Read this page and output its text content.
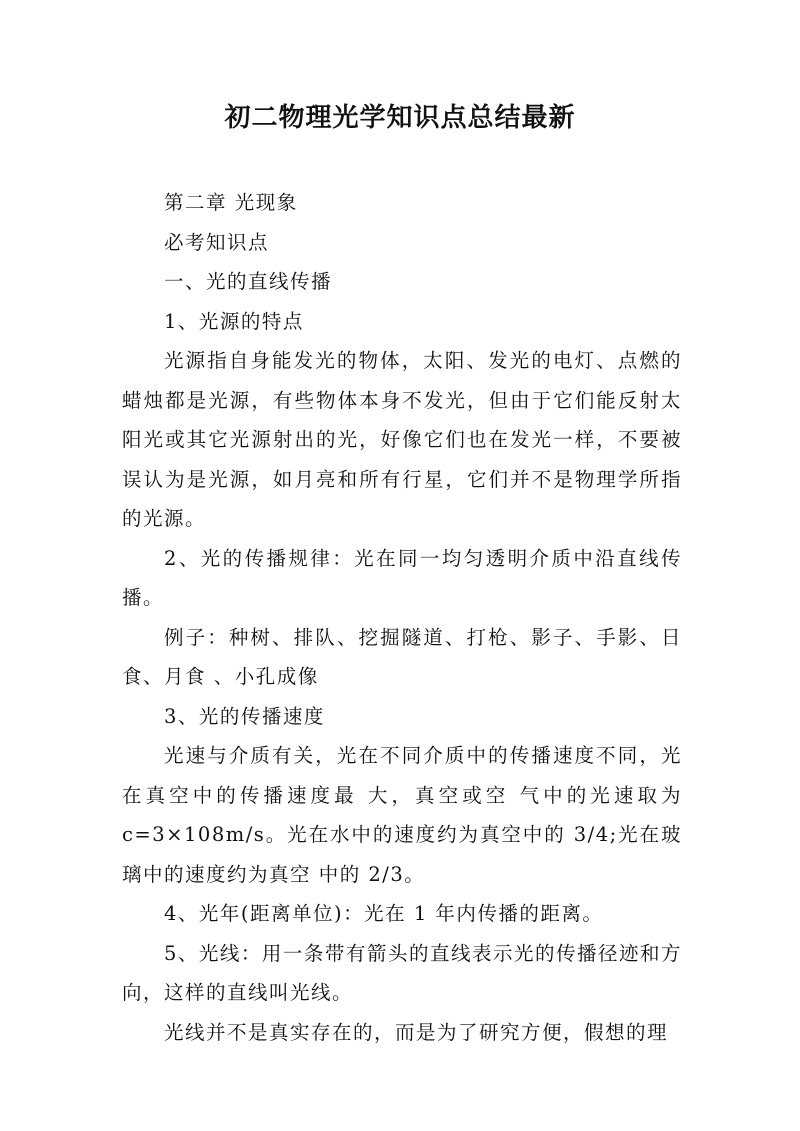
初二物理光学知识点总结最新
第二章 光现象
必考知识点
一、光的直线传播
1、光源的特点

光源指自身能发光的物体，太阳、发光的电灯、点燃的蜡烛都是光源，有些物体本身不发光，但由于它们能反射太阳光或其它光源射出的光，好像它们也在发光一样，不要被误认为是光源，如月亮和所有行星，它们并不是物理学所指的光源。

2、光的传播规律：光在同一均匀透明介质中沿直线传播。

例子：种树、排队、挖掘隧道、打枪、影子、手影、日食、月食 、小孔成像

3、光的传播速度

光速与介质有关，光在不同介质中的传播速度不同，光在真空中的传播速度最 大，真空或空 气中的光速取为 c=3×108m/s。光在水中的速度约为真空中的 3/4;光在玻璃中的速度约为真空 中的 2/3。

4、光年(距离单位)：光在 1 年内传播的距离。

5、光线：用一条带有箭头的直线表示光的传播径迹和方向，这样的直线叫光线。

光线并不是真实存在的，而是为了研究方便，假想的理
